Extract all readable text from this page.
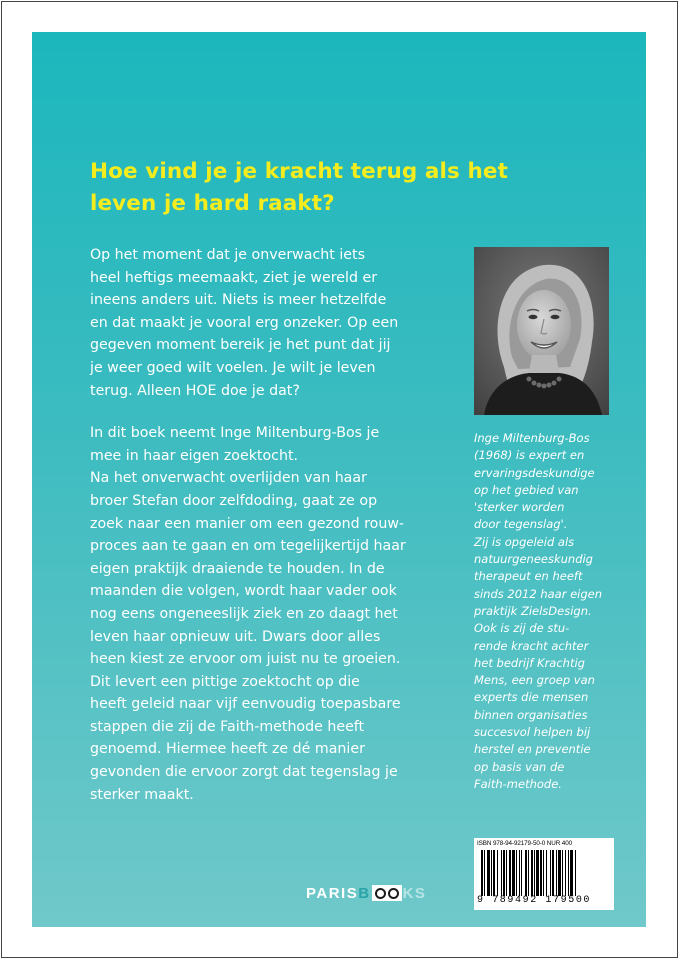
Hoe vind je je kracht terug als het
leven je hard raakt?
Op het moment dat je onverwacht iets
heel heftigs meemaakt, ziet je wereld er
ineens anders uit. Niets is meer hetzelfde
en dat maakt je vooral erg onzeker. Op een
gegeven moment bereik je het punt dat jij
je weer goed wilt voelen. Je wilt je leven
terug. Alleen HOE doe je dat?
In dit boek neemt Inge Miltenburg-Bos je
mee in haar eigen zoektocht.
Na het onverwacht overlijden van haar
broer Stefan door zelfdoding, gaat ze op
zoek naar een manier om een gezond rouw-
proces aan te gaan en om tegelijkertijd haar
eigen praktijk draaiende te houden. In de
maanden die volgen, wordt haar vader ook
nog eens ongeneeslijk ziek en zo daagt het
leven haar opnieuw uit. Dwars door alles
heen kiest ze ervoor om juist nu te groeien.
Dit levert een pittige zoektocht op die
heeft geleid naar vijf eenvoudig toepasbare
stappen die zij de Faith-methode heeft
genoemd. Hiermee heeft ze dé manier
gevonden die ervoor zorgt dat tegenslag je
sterker maakt.
Inge Miltenburg-Bos
(1968) is expert en
ervaringsdeskundige
op het gebied van
'sterker worden
door tegenslag'.
Zij is opgeleid als
natuurgeneeskundig
therapeut en heeft
sinds 2012 haar eigen
praktijk ZielsDesign.
Ook is zij de stu-
rende kracht achter
het bedrijf Krachtig
Mens, een groep van
experts die mensen
binnen organisaties
succesvol helpen bij
herstel en preventie
op basis van de
Faith-methode.
PARIS B KS
ISBN 978-94-92179-50-0 NUR 400
9 789492 179500
